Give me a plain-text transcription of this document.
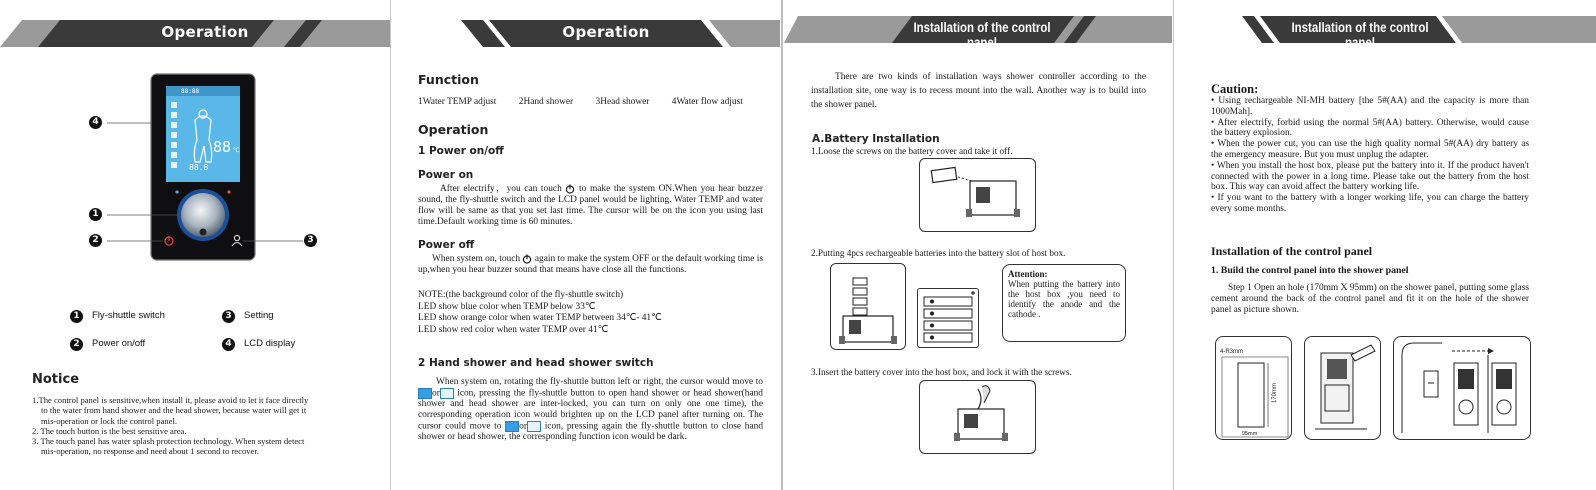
Operation
88 ℃
88.8
88:88
4
1
2	3
1 Fly-shuttle switch	3 Setting
2 Power on/off	4 LCD display
Notice
1.The control panel is sensitive,when install it, please avoid to let it face directly
to the water from hand shower and the head shower, because water will get it
mis-operation or lock the control panel.
2. The touch button is the best sensitive area.
3. The touch panel has water splash protection technology. When system detect
mis-operation, no response and need about 1 second to recover.
Operation
Function
1Water TEMP adjust 2Hand shower 3Head shower 4Water flow adjust
Operation
1 Power on/off
Power on

After electrify，you can touch to make the system ON.When you hear buzzer sound, the fly-shuttle switch and the LCD panel would be lighting. Water TEMP and water flow will be same as that you set last time. The cursor will be on the icon you using last time.Default working time is 60 minutes.

Power off

When system on, touch again to make the system OFF or the default working time is up,when you hear buzzer sound that means have close all the functions.

NOTE:(the background color of the fly-shuttle switch)
LED show blue color when TEMP below 33℃
LED show orange color when water TEMP between 34℃- 41℃
LED show red color when water TEMP over 41℃
2 Hand shower and head shower switch

When system on, rotating the fly-shuttle button left or right, the cursor would move to or icon, pressing the fly-shuttle button to open hand shower or head shower(hand shower and head shower are inter-locked, you can turn on only one one time), the corresponding operation icon would brighten up on the LCD panel after turning on. The cursor could move to or icon, pressing again the fly-shuttle button to close hand shower or head shower, the corresponding function icon would be dark.

Installation of the control panel

There are two kinds of installation ways shower controller according to the installation site, one way is to recess mount into the wall. Another way is to build into the shower panel.

A.Battery Installation
1.Loose the screws on the battery cover and take it off.
2.Putting 4pcs rechargeable batteries into the battery slot of host box.
Attention:
When putting the battery into the host box ,you need to identify the anode and the cathode .
3.Insert the battery cover into the host box, and lock it with the screws.
Installation of the control panel
Caution:

• Using rechargeable NI-MH battery [the 5#(AA) and the capacity is more than 1000Mah].

• After electrify, forbid using the normal 5#(AA) battery. Otherwise, would cause the battery explosion.

• When the power cut, you can use the high quality normal 5#(AA) dry battery as the emergency measure. But you must unplug the adapter.

• When you install the host box, please put the battery into it. If the product haven't connected with the power in a long time. Please take out the battery from the host box. This way can avoid affect the battery working life.

• If you want to the battery with a longer working life, you can charge the battery every some months.

Installation of the control panel
1. Build the control panel into the shower panel

Step 1 Open an hole (170mm X 95mm) on the shower panel, putting some glass cement around the back of the control panel and fit it on the hole of the shower panel as picture shown.

4-R3mm
170mm
95mm
